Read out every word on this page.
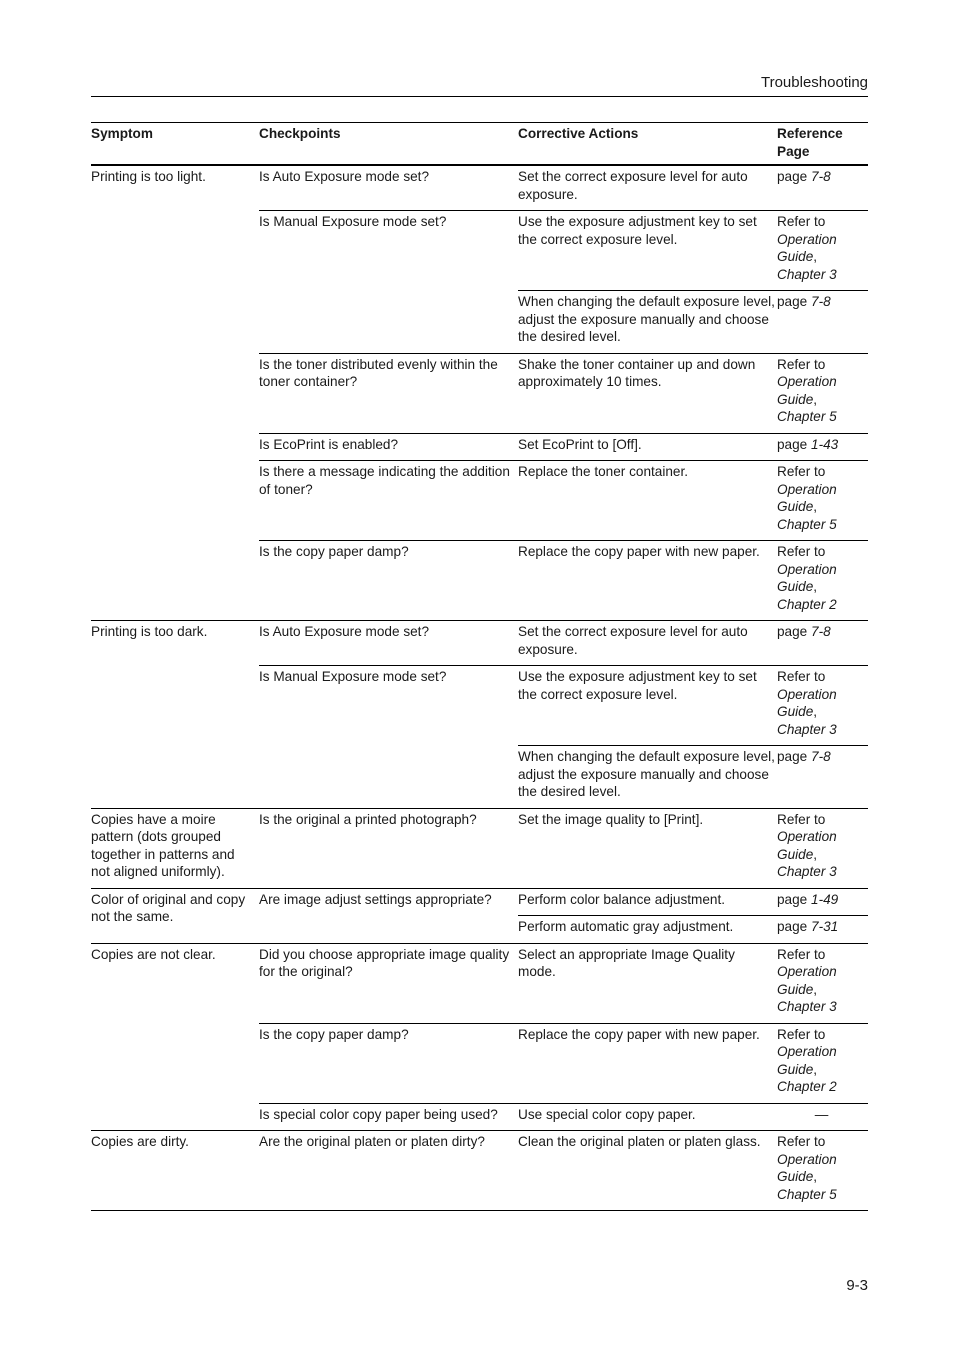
Troubleshooting
Symptom	Checkpoints	Corrective Actions	Reference Page
Printing is too light.	Is Auto Exposure mode set?	Set the correct exposure level for auto exposure.	page 7-8
	Is Manual Exposure mode set?	Use the exposure adjustment key to set the correct exposure level.	Refer to
Operation Guide,
Chapter 3
		When changing the default exposure level, adjust the exposure manually and choose the desired level.	page 7-8
	Is the toner distributed evenly within the toner container?	Shake the toner container up and down approximately 10 times.	Refer to
Operation Guide,
Chapter 5
	Is EcoPrint is enabled?	Set EcoPrint to [Off].	page 1-43
	Is there a message indicating the addition of toner?	Replace the toner container.	Refer to
Operation Guide,
Chapter 5
	Is the copy paper damp?	Replace the copy paper with new paper.	Refer to
Operation Guide,
Chapter 2
Printing is too dark.	Is Auto Exposure mode set?	Set the correct exposure level for auto exposure.	page 7-8
	Is Manual Exposure mode set?	Use the exposure adjustment key to set the correct exposure level.	Refer to
Operation Guide,
Chapter 3
		When changing the default exposure level, adjust the exposure manually and choose the desired level.	page 7-8
Copies have a moire pattern (dots grouped together in patterns and not aligned uniformly).	Is the original a printed photograph?	Set the image quality to [Print].	Refer to
Operation Guide,
Chapter 3
Color of original and copy not the same.	Are image adjust settings appropriate?	Perform color balance adjustment.	page 1-49
		Perform automatic gray adjustment.	page 7-31
Copies are not clear.	Did you choose appropriate image quality for the original?	Select an appropriate Image Quality mode.	Refer to
Operation Guide,
Chapter 3
	Is the copy paper damp?	Replace the copy paper with new paper.	Refer to
Operation Guide,
Chapter 2
	Is special color copy paper being used?	Use special color copy paper.	—
Copies are dirty.	Are the original platen or platen dirty?	Clean the original platen or platen glass.	Refer to
Operation Guide,
Chapter 5
9-3
